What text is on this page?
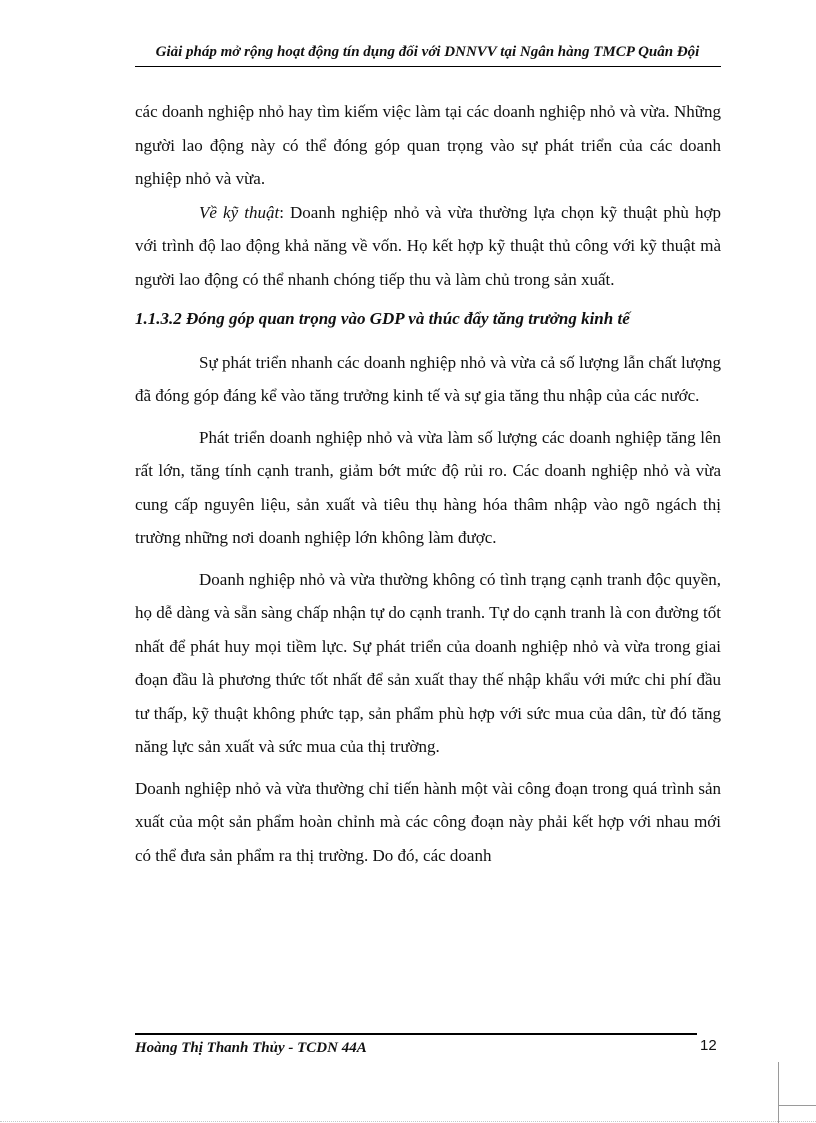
Giải pháp mở rộng hoạt động tín dụng đối với DNNVV tại Ngân hàng TMCP Quân Đội

các doanh nghiệp nhỏ hay tìm kiếm việc làm tại các doanh nghiệp nhỏ và vừa. Những người lao động này có thể đóng góp quan trọng vào sự phát triển của các doanh nghiệp nhỏ và vừa.

Về kỹ thuật: Doanh nghiệp nhỏ và vừa thường lựa chọn kỹ thuật phù hợp với trình độ lao động khả năng về vốn. Họ kết hợp kỹ thuật thủ công với kỹ thuật mà người lao động có thể nhanh chóng tiếp thu và làm chủ trong sản xuất.

1.1.3.2 Đóng góp quan trọng vào GDP và thúc đẩy tăng trưởng kinh tế

Sự phát triển nhanh các doanh nghiệp nhỏ và vừa cả số lượng lẫn chất lượng đã đóng góp đáng kể vào tăng trưởng kinh tế và sự gia tăng thu nhập của các nước.

Phát triển doanh nghiệp nhỏ và vừa làm số lượng các doanh nghiệp tăng lên rất lớn, tăng tính cạnh tranh, giảm bớt mức độ rủi ro. Các doanh nghiệp nhỏ và vừa cung cấp nguyên liệu, sản xuất và tiêu thụ hàng hóa thâm nhập vào ngõ ngách thị trường những nơi doanh nghiệp lớn không làm được.

Doanh nghiệp nhỏ và vừa thường không có tình trạng cạnh tranh độc quyền, họ dễ dàng và sẵn sàng chấp nhận tự do cạnh tranh. Tự do cạnh tranh là con đường tốt nhất để phát huy mọi tiềm lực. Sự phát triển của doanh nghiệp nhỏ và vừa trong giai đoạn đầu là phương thức tốt nhất để sản xuất thay thế nhập khẩu với mức chi phí đầu tư thấp, kỹ thuật không phức tạp, sản phẩm phù hợp với sức mua của dân, từ đó tăng năng lực sản xuất và sức mua của thị trường.

Doanh nghiệp nhỏ và vừa thường chỉ tiến hành một vài công đoạn trong quá trình sản xuất của một sản phẩm hoàn chỉnh mà các công đoạn này phải kết hợp với nhau mới có thể đưa sản phẩm ra thị trường. Do đó, các doanh

Hoàng Thị Thanh Thủy - TCDN 44A	12
